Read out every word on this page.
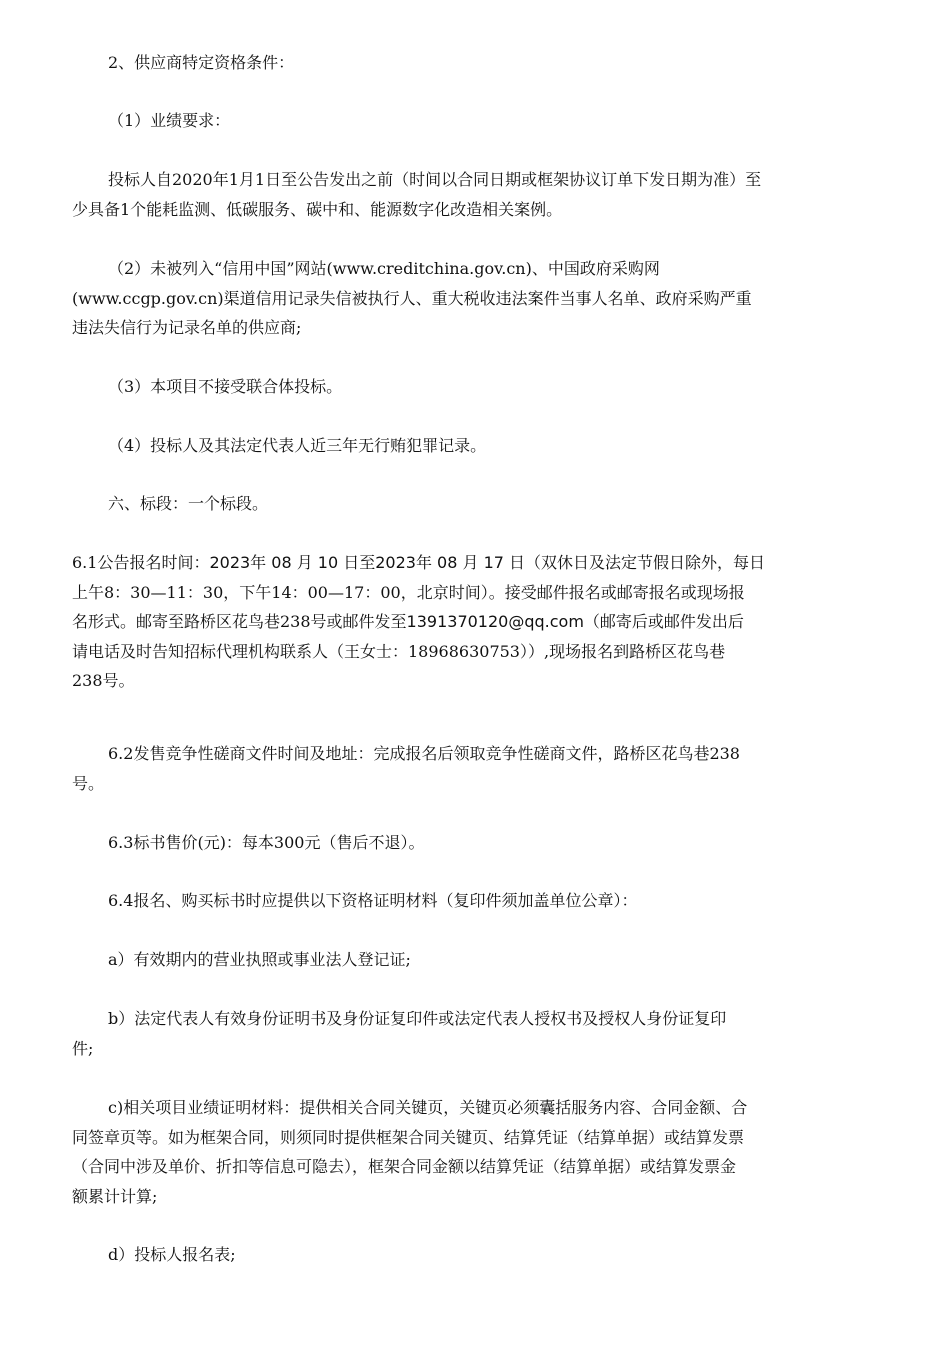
2、供应商特定资格条件：
（1）业绩要求：
投标人自2020年1月1日至公告发出之前（时间以合同日期或框架协议订单下发日期为准）至
少具备1个能耗监测、低碳服务、碳中和、能源数字化改造相关案例。
（2）未被列入“信用中国”网站(www.creditchina.gov.cn)、中国政府采购网
(www.ccgp.gov.cn)渠道信用记录失信被执行人、重大税收违法案件当事人名单、政府采购严重
违法失信行为记录名单的供应商;
（3）本项目不接受联合体投标。
（4）投标人及其法定代表人近三年无行贿犯罪记录。
六、标段：一个标段。
6.1公告报名时间：2023年 08 月 10 日至2023年 08 月 17 日（双休日及法定节假日除外，每日
上午8：30—11：30，下午14：00—17：00，北京时间）。接受邮件报名或邮寄报名或现场报
名形式。邮寄至路桥区花鸟巷238号或邮件发至1391370120@qq.com（邮寄后或邮件发出后
请电话及时告知招标代理机构联系人（王女士：18968630753））,现场报名到路桥区花鸟巷
238号。
6.2发售竞争性磋商文件时间及地址：完成报名后领取竞争性磋商文件，路桥区花鸟巷238
号。
6.3标书售价(元)：每本300元（售后不退）。
6.4报名、购买标书时应提供以下资格证明材料（复印件须加盖单位公章）：
a）有效期内的营业执照或事业法人登记证;
b）法定代表人有效身份证明书及身份证复印件或法定代表人授权书及授权人身份证复印
件;
c)相关项目业绩证明材料：提供相关合同关键页，关键页必须囊括服务内容、合同金额、合
同签章页等。如为框架合同，则须同时提供框架合同关键页、结算凭证（结算单据）或结算发票
（合同中涉及单价、折扣等信息可隐去），框架合同金额以结算凭证（结算单据）或结算发票金
额累计计算;
d）投标人报名表;
